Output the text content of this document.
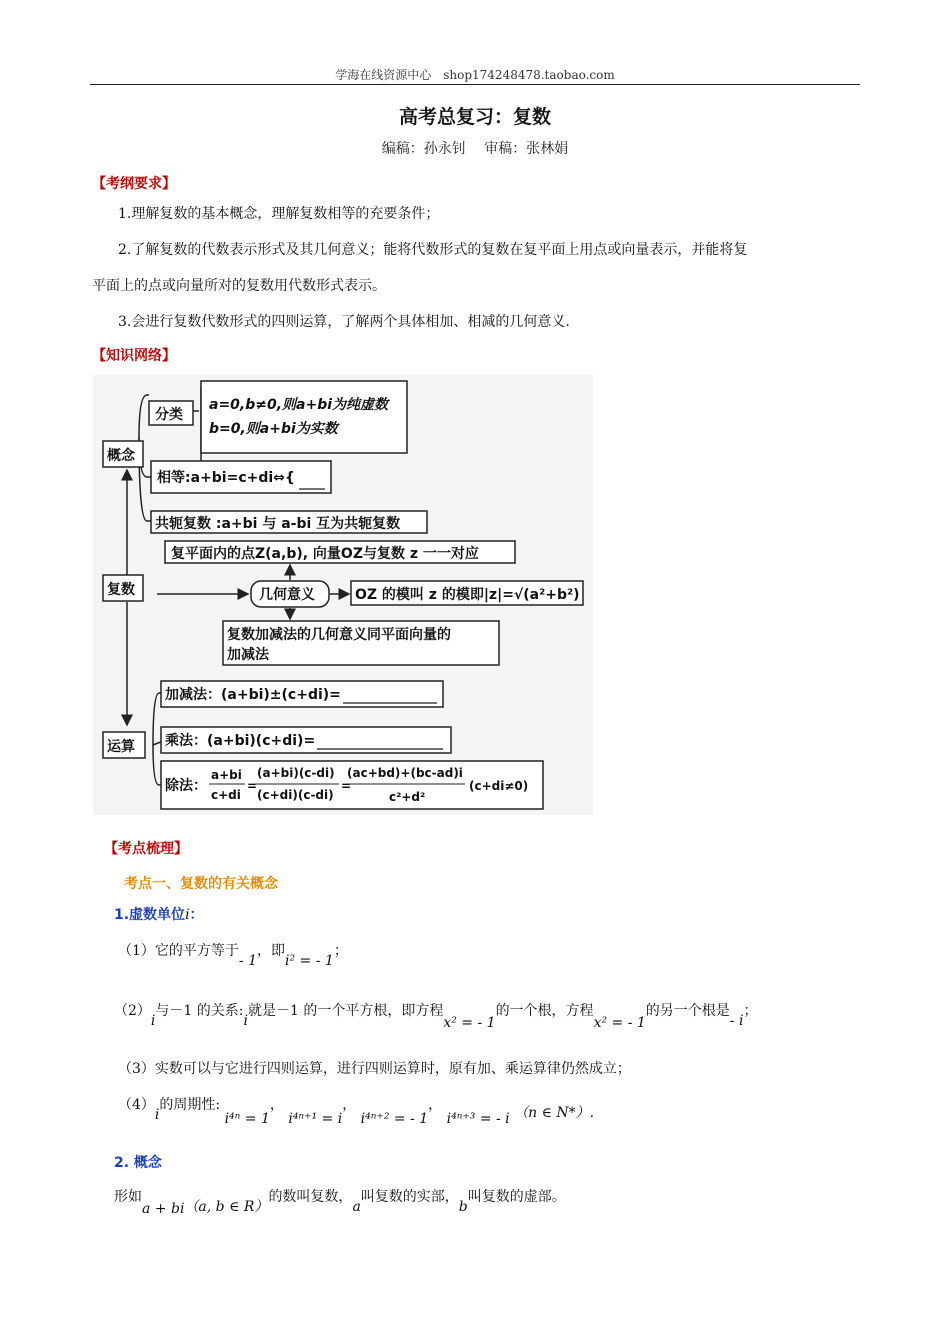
学海在线资源中心　shop174248478.taobao.com
高考总复习：复数
编稿：孙永钊　 审稿：张林娟
【考纲要求】
1.理解复数的基本概念，理解复数相等的充要条件；
2.了解复数的代数表示形式及其几何意义；能将代数形式的复数在复平面上用点或向量表示，并能将复
平面上的点或向量所对的复数用代数形式表示。
3.会进行复数代数形式的四则运算，了解两个具体相加、相减的几何意义.
【知识网络】
概念
分类
a=0,b≠0,则a+bi为纯虚数
b=0,则a+bi为实数
相等:a+bi=c+di⇔{
共轭复数 :a+bi 与 a-bi 互为共轭复数
复平面内的点Z(a,b), 向量OZ与复数 z 一一对应
复数	几何意义	OZ 的模叫 z 的模即|z|=√(a²+b²)
复数加减法的几何意义同平面向量的
加减法
运算
加减法：(a+bi)±(c+di)=
乘法：(a+bi)(c+di)=
除法：
a+bi
c+di
=
(a+bi)(c-di)
(c+di)(c-di)
=
(ac+bd)+(bc-ad)i
c²+d²
(c+di≠0)
【考点梳理】
考点一、复数的有关概念
1.虚数单位i：
（1）它的平方等于- 1，即i² = - 1；
（2）i与－1 的关系:i就是－1 的一个平方根，即方程x² = - 1的一个根，方程x² = - 1的另一个根是- i；
（3）实数可以与它进行四则运算，进行四则运算时，原有加、乘运算律仍然成立；
（4）i的周期性: i⁴ⁿ = 1， i⁴ⁿ⁺¹ = i， i⁴ⁿ⁺² = - 1， i⁴ⁿ⁺³ = - i （n ∈ N*）.
2. 概念
形如a + bi（a, b ∈ R）的数叫复数，a叫复数的实部，b叫复数的虚部。
